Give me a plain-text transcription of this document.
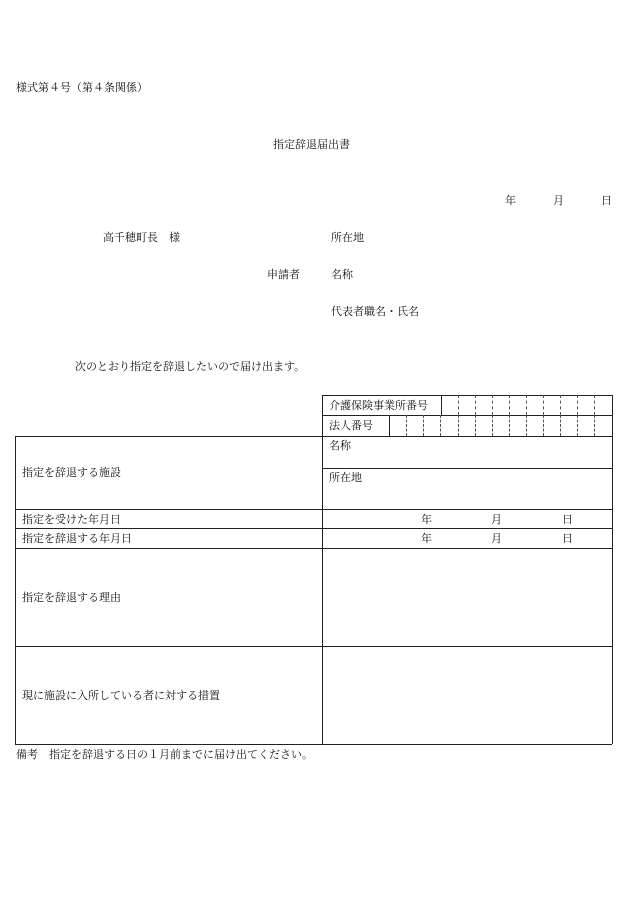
様式第４号（第４条関係）
指定辞退届出書
年	月	日
高千穂町長　様	所在地
申請者	名称
代表者職名・氏名
次のとおり指定を辞退したいので届け出ます。
介護保険事業所番号
法人番号
指定を辞退する施設
名称
所在地
指定を受けた年月日	年	月	日
指定を辞退する年月日	年	月	日
指定を辞退する理由
現に施設に入所している者に対する措置
備考　指定を辞退する日の１月前までに届け出てください。
